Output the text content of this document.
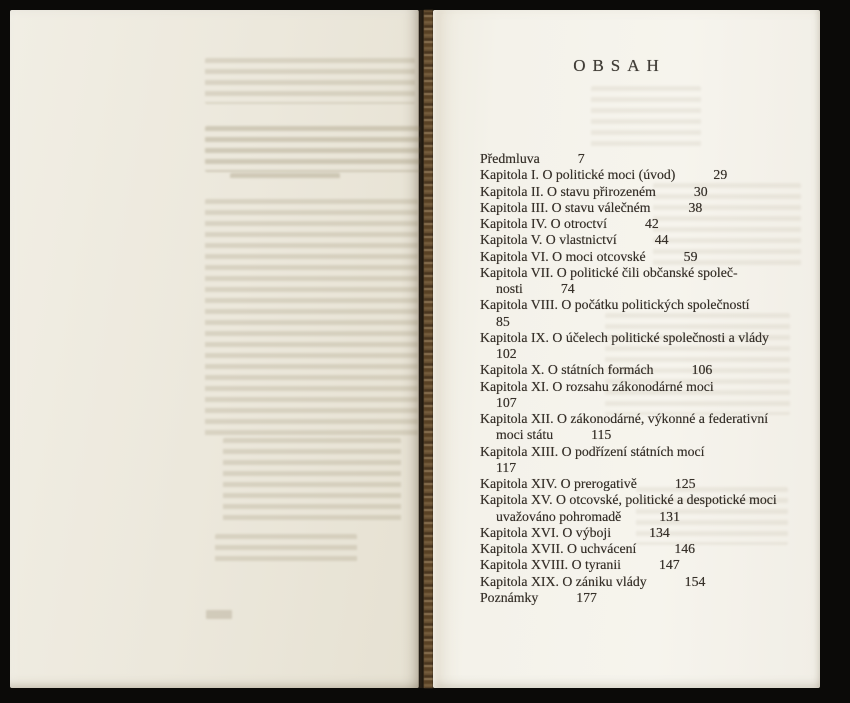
OBSAH
Předmluva	7
Kapitola I. O politické moci (úvod)	29
Kapitola II. O stavu přirozeném	30
Kapitola III. O stavu válečném	38
Kapitola IV. O otroctví	42
Kapitola V. O vlastnictví	44
Kapitola VI. O moci otcovské	59
Kapitola VII. O politické čili občanské společ-
nosti	74
Kapitola VIII. O počátku politických společností
85
Kapitola IX. O účelech politické společnosti a vlády
102
Kapitola X. O státních formách	106
Kapitola XI. O rozsahu zákonodárné moci
107
Kapitola XII. O zákonodárné, výkonné a federativní
moci státu	115
Kapitola XIII. O podřízení státních mocí
117
Kapitola XIV. O prerogativě	125
Kapitola XV. O otcovské, politické a despotické moci
uvažováno pohromadě	131
Kapitola XVI. O výboji	134
Kapitola XVII. O uchvácení	146
Kapitola XVIII. O tyranii	147
Kapitola XIX. O zániku vlády	154
Poznámky	177
